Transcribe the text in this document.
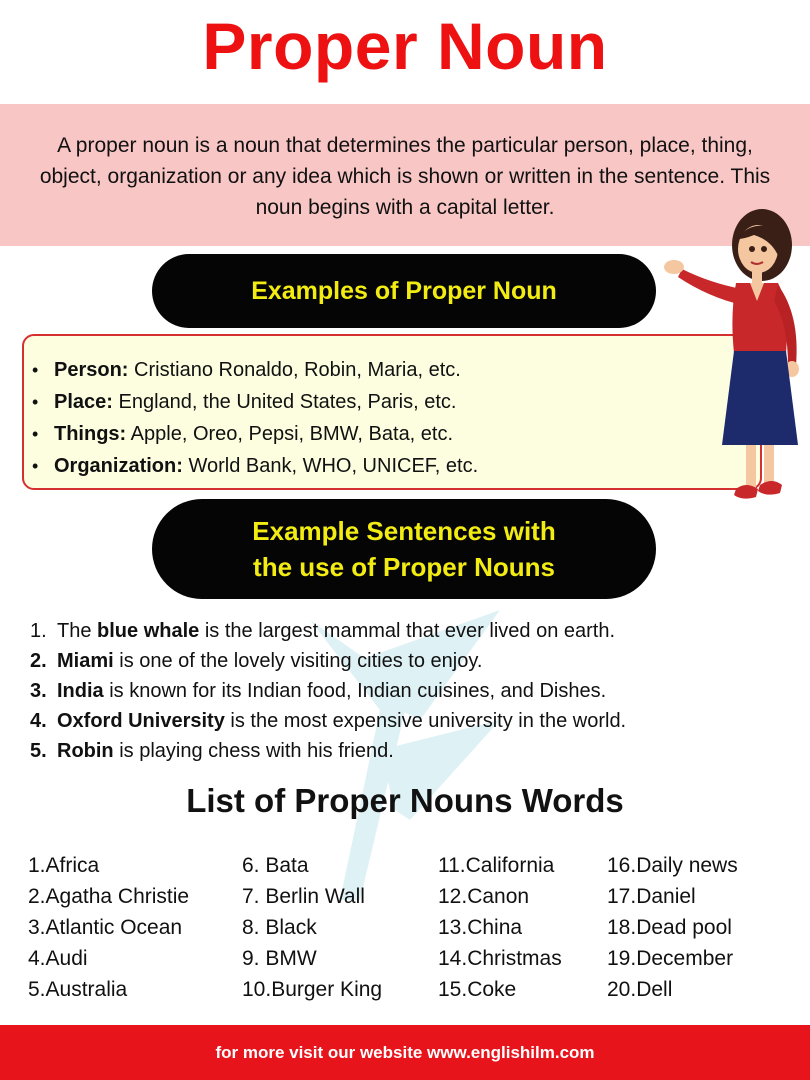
Proper Noun

A proper noun is a noun that determines the particular person, place, thing, object, organization or any idea which is shown or written in the sentence. This noun begins with a capital letter.

Examples of Proper Noun
• Person: Cristiano Ronaldo, Robin, Maria, etc.
• Place: England, the United States, Paris, etc.
• Things: Apple, Oreo, Pepsi, BMW, Bata, etc.
• Organization: World Bank, WHO, UNICEF, etc.
Example Sentences with
the use of Proper Nouns
1. The blue whale is the largest mammal that ever lived on earth.
2. Miami is one of the lovely visiting cities to enjoy.
3. India is known for its Indian food, Indian cuisines, and Dishes.
4. Oxford University is the most expensive university in the world.
5. Robin is playing chess with his friend.
List of Proper Nouns Words
1.Africa
2.Agatha Christie
3.Atlantic Ocean
4.Audi
5.Australia
6. Bata
7. Berlin Wall
8. Black
9. BMW
10.Burger King
11.California
12.Canon
13.China
14.Christmas
15.Coke
16.Daily news
17.Daniel
18.Dead pool
19.December
20.Dell
for more visit our website www.englishilm.com
